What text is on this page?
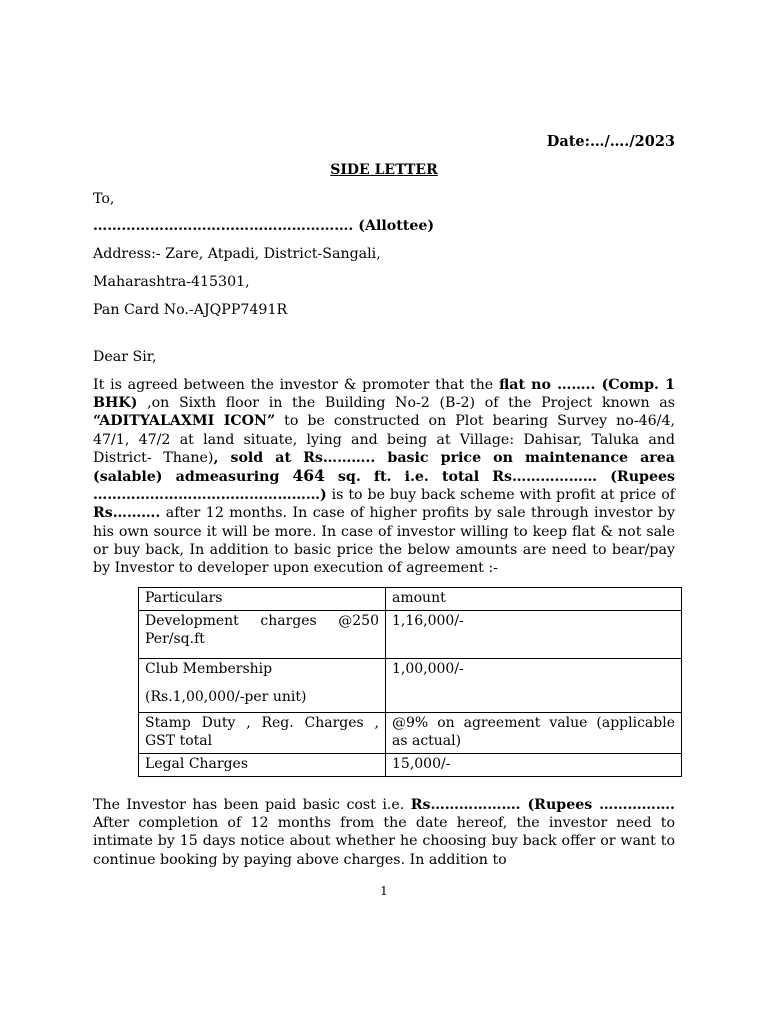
Date:…/…./2023
SIDE LETTER
To,
………………………………………………. (Allottee)
Address:- Zare, Atpadi, District-Sangali,
Maharashtra-415301,
Pan Card No.-AJQPP7491R
Dear Sir,
It is agreed between the investor & promoter that the flat no …….. (Comp. 1 BHK) ,on Sixth floor in the Building No-2 (B-2) of the Project known as “ADITYALAXMI ICON” to be constructed on Plot bearing Survey no-46/4, 47/1, 47/2 at land situate, lying and being at Village: Dahisar, Taluka and District- Thane), sold at Rs……….. basic price on maintenance area (salable) admeasuring 464 sq. ft. i.e. total Rs……………… (Rupees …………………………………………) is to be buy back scheme with profit at price of Rs………. after 12 months. In case of higher profits by sale through investor by his own source it will be more. In case of investor willing to keep flat & not sale or buy back, In addition to basic price the below amounts are need to bear/pay by Investor to developer upon execution of agreement :-
Particulars	amount

Development charges @250 Per/sq.ft	1,16,000/-
Club Membership
(Rs.1,00,000/-per unit)	1,00,000/-

Stamp Duty , Reg. Charges , GST total	@9% on agreement value (applicable as actual)

Legal Charges	15,000/-
The Investor has been paid basic cost i.e. Rs………………. (Rupees ……………. After completion of 12 months from the date hereof, the investor need to intimate by 15 days notice about whether he choosing buy back offer or want to continue booking by paying above charges. In addition to
1
